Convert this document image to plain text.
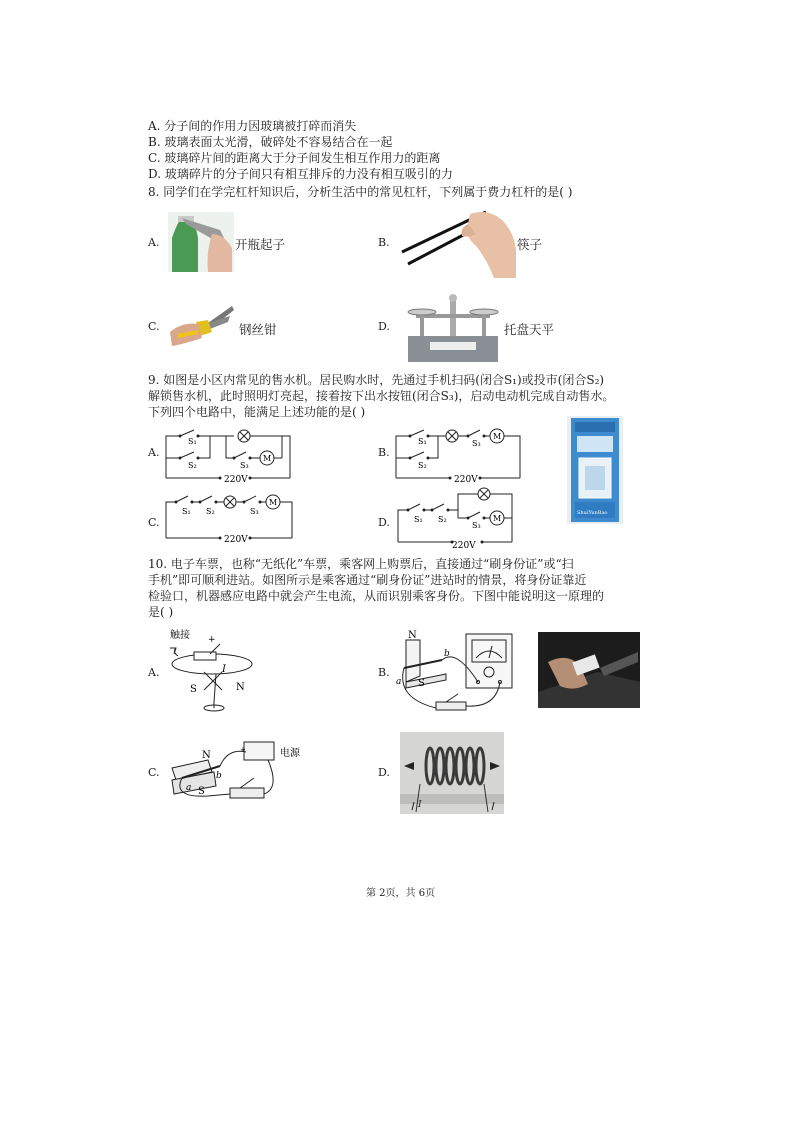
A. 分子间的作用力因玻璃被打碎而消失
B. 玻璃表面太光滑，破碎处不容易结合在一起
C. 玻璃碎片间的距离大于分子间发生相互作用力的距离
D. 玻璃碎片的分子间只有相互排斥的力没有相互吸引的力
8. 同学们在学完杠杆知识后，分析生活中的常见杠杆，下列属于费力杠杆的是( )
A.	开瓶起子	B.	筷子
C.	钢丝钳	D.	托盘天平
9. 如图是小区内常见的售水机。居民购水时，先通过手机扫码(闭合S₁)或投市(闭合S₂)
解锁售水机，此时照明灯亮起，接着按下出水按钮(闭合S₃)，启动电动机完成自动售水。
下列四个电路中，能满足上述功能的是( )
A.
S₁
S₂	S₃
M
220V
B.
S₁
S₂
S₃
M
220V
ShuiYunBao
C.
S₁ S₂	S₃
M
220V
D.	S₁ S₂
S₃
M
220V
10. 电子车票，也称“无纸化”车票，乘客网上购票后，直接通过“刷身份证”或“扫
手机”即可顺利进站。如图所示是乘客通过“刷身份证”进站时的情景，将身份证靠近
检验口，机器感应电路中就会产生电流，从而识别乘客身份。下图中能说明这一原理的
是( )
A.
触接 +
I
S	N
B.
N
S
a
b
C.
+	电源
N
S
a
b	D.
I
第 2页，共 6页
